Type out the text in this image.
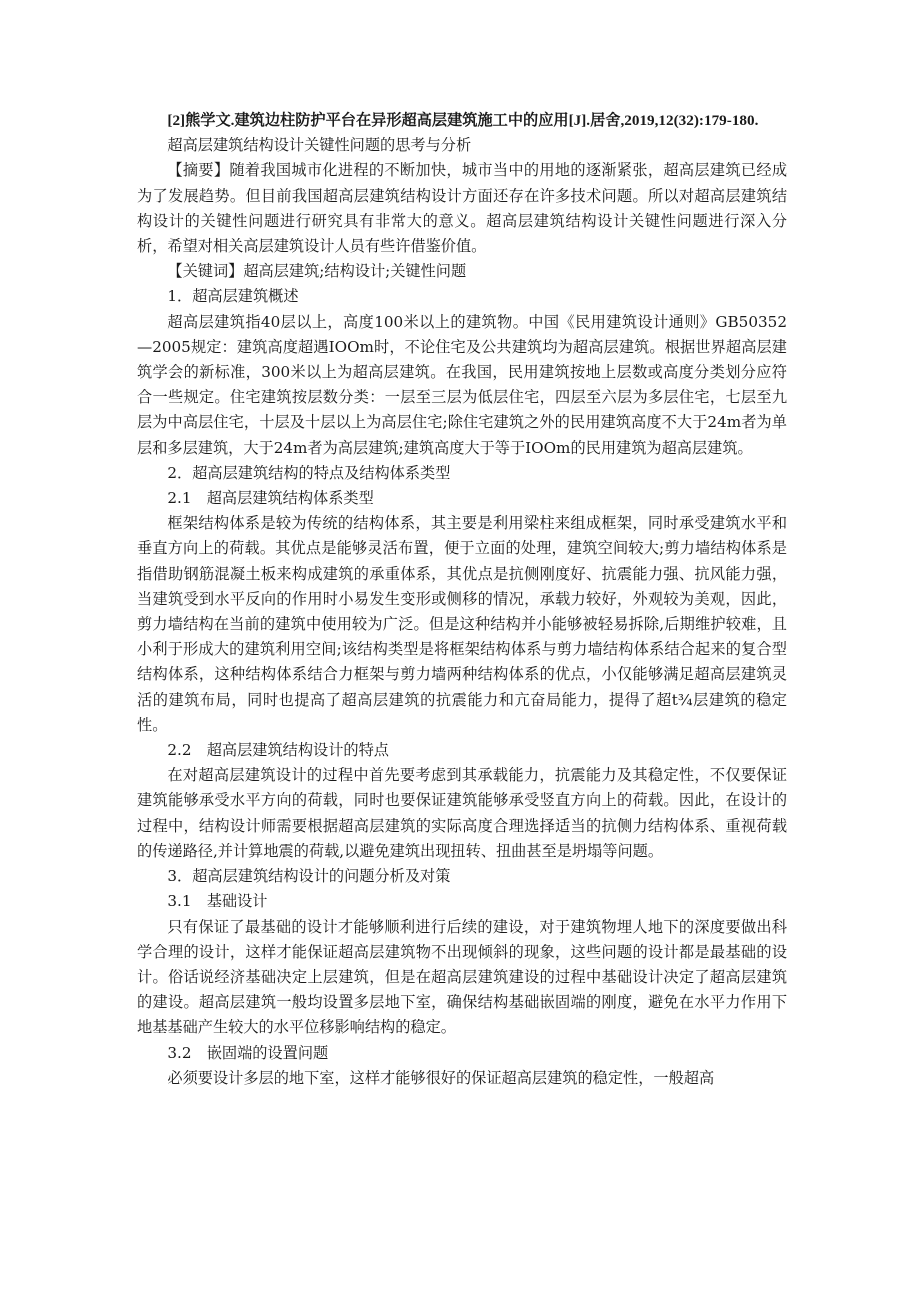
[2]熊学文.建筑边柱防护平台在异形超高层建筑施工中的应用[J].居舍,2019,12(32):179-180.

超高层建筑结构设计关键性问题的思考与分析

【摘要】随着我国城市化进程的不断加快，城市当中的用地的逐渐紧张，超高层建筑已经成为了发展趋势。但目前我国超高层建筑结构设计方面还存在许多技术问题。所以对超高层建筑结构设计的关键性问题进行研究具有非常大的意义。超高层建筑结构设计关键性问题进行深入分析，希望对相关高层建筑设计人员有些许借鉴价值。

【关键词】超高层建筑;结构设计;关键性问题

1．超高层建筑概述

超高层建筑指40层以上，高度100米以上的建筑物。中国《民用建筑设计通则》GB50352—2005规定：建筑高度超遇IOOm时，不论住宅及公共建筑均为超高层建筑。根据世界超高层建筑学会的新标准，300米以上为超高层建筑。在我国，民用建筑按地上层数或高度分类划分应符合一些规定。住宅建筑按层数分类：一层至三层为低层住宅，四层至六层为多层住宅，七层至九层为中高层住宅，十层及十层以上为高层住宅;除住宅建筑之外的民用建筑高度不大于24m者为单层和多层建筑，大于24m者为高层建筑;建筑高度大于等于IOOm的民用建筑为超高层建筑。

2．超高层建筑结构的特点及结构体系类型

2.1　超高层建筑结构体系类型

框架结构体系是较为传统的结构体系，其主要是利用梁柱来组成框架，同时承受建筑水平和垂直方向上的荷载。其优点是能够灵活布置，便于立面的处理，建筑空间较大;剪力墙结构体系是指借助钢筋混凝土板来构成建筑的承重体系，其优点是抗侧刚度好、抗震能力强、抗风能力强，当建筑受到水平反向的作用时小易发生变形或侧移的情况，承载力较好，外观较为美观，因此，剪力墙结构在当前的建筑中使用较为广泛。但是这种结构并小能够被轻易拆除,后期维护较难，且小利于形成大的建筑利用空间;该结构类型是将框架结构体系与剪力墙结构体系结合起来的复合型结构体系，这种结构体系结合力框架与剪力墙两种结构体系的优点，小仅能够满足超高层建筑灵活的建筑布局，同时也提高了超高层建筑的抗震能力和亢奋局能力，提得了超t¾层建筑的稳定性。

2.2　超高层建筑结构设计的特点

在对超高层建筑设计的过程中首先要考虑到其承载能力，抗震能力及其稳定性，不仅要保证建筑能够承受水平方向的荷载，同时也要保证建筑能够承受竖直方向上的荷载。因此，在设计的过程中，结构设计师需要根据超高层建筑的实际高度合理选择适当的抗侧力结构体系、重视荷载的传递路径,并计算地震的荷载,以避免建筑出现扭转、扭曲甚至是坍塌等问题。

3．超高层建筑结构设计的问题分析及对策

3.1　基础设计

只有保证了最基础的设计才能够顺利进行后续的建设，对于建筑物埋人地下的深度要做出科学合理的设计，这样才能保证超高层建筑物不出现倾斜的现象，这些问题的设计都是最基础的设计。俗话说经济基础决定上层建筑，但是在超高层建筑建设的过程中基础设计决定了超高层建筑的建设。超高层建筑一般均设置多层地下室，确保结构基础嵌固端的刚度，避免在水平力作用下地基基础产生较大的水平位移影响结构的稳定。

3.2　嵌固端的设置问题

必须要设计多层的地下室，这样才能够很好的保证超高层建筑的稳定性，一般超高
